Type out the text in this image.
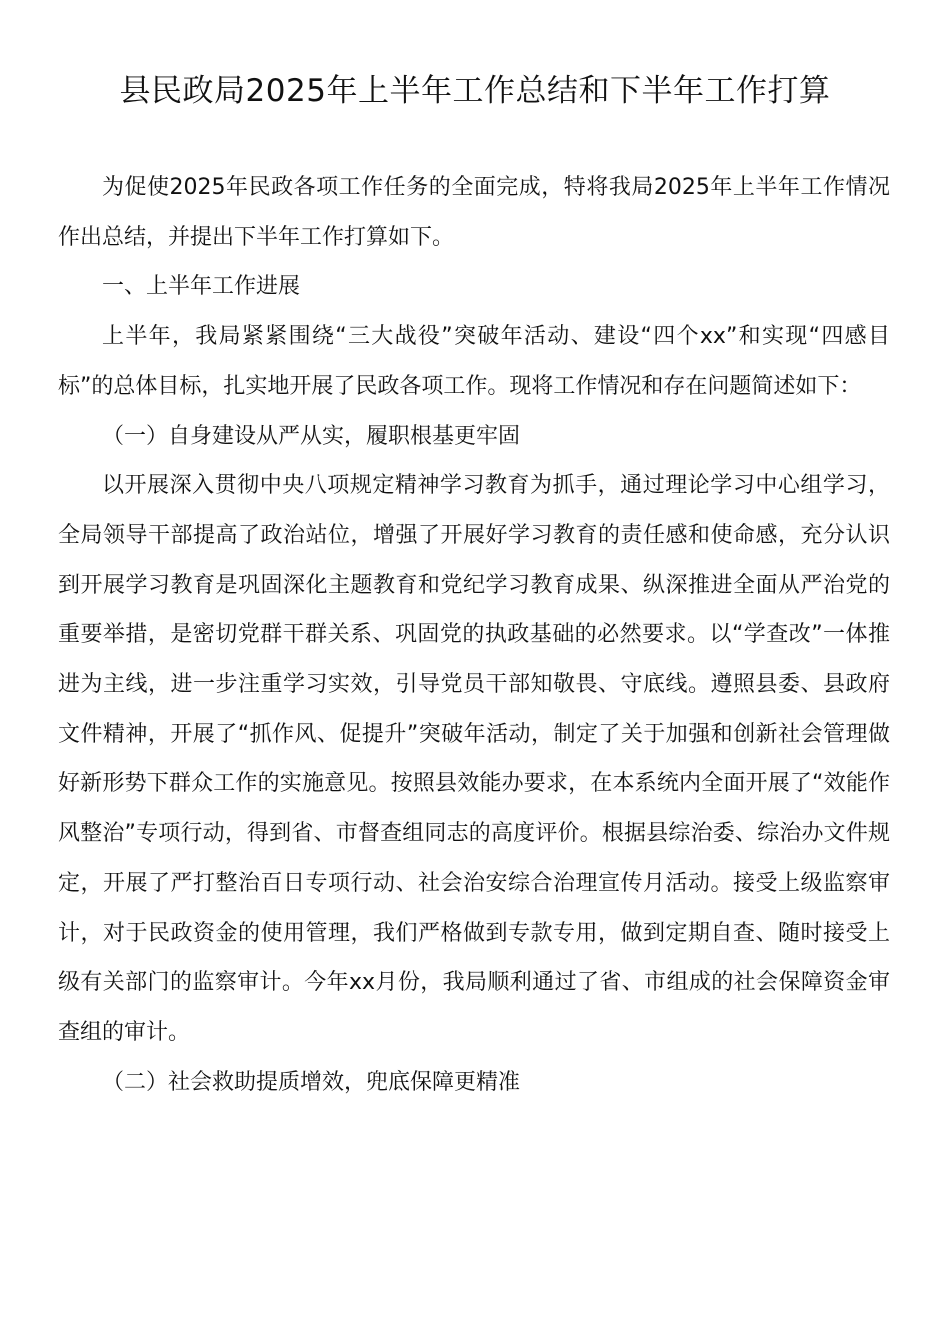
县民政局2025年上半年工作总结和下半年工作打算

为促使2025年民政各项工作任务的全面完成，特将我局2025年上半年工作情况作出总结，并提出下半年工作打算如下。

一、上半年工作进展

上半年，我局紧紧围绕“三大战役”突破年活动、建设“四个xx”和实现“四感目标”的总体目标，扎实地开展了民政各项工作。现将工作情况和存在问题简述如下：

（一）自身建设从严从实，履职根基更牢固

以开展深入贯彻中央八项规定精神学习教育为抓手，通过理论学习中心组学习，全局领导干部提高了政治站位，增强了开展好学习教育的责任感和使命感，充分认识到开展学习教育是巩固深化主题教育和党纪学习教育成果、纵深推进全面从严治党的重要举措，是密切党群干群关系、巩固党的执政基础的必然要求。以“学查改”一体推进为主线，进一步注重学习实效，引导党员干部知敬畏、守底线。遵照县委、县政府文件精神，开展了“抓作风、促提升”突破年活动，制定了关于加强和创新社会管理做好新形势下群众工作的实施意见。按照县效能办要求，在本系统内全面开展了“效能作风整治”专项行动，得到省、市督查组同志的高度评价。根据县综治委、综治办文件规定，开展了严打整治百日专项行动、社会治安综合治理宣传月活动。接受上级监察审计，对于民政资金的使用管理，我们严格做到专款专用，做到定期自查、随时接受上级有关部门的监察审计。今年xx月份，我局顺利通过了省、市组成的社会保障资金审查组的审计。

（二）社会救助提质增效，兜底保障更精准
